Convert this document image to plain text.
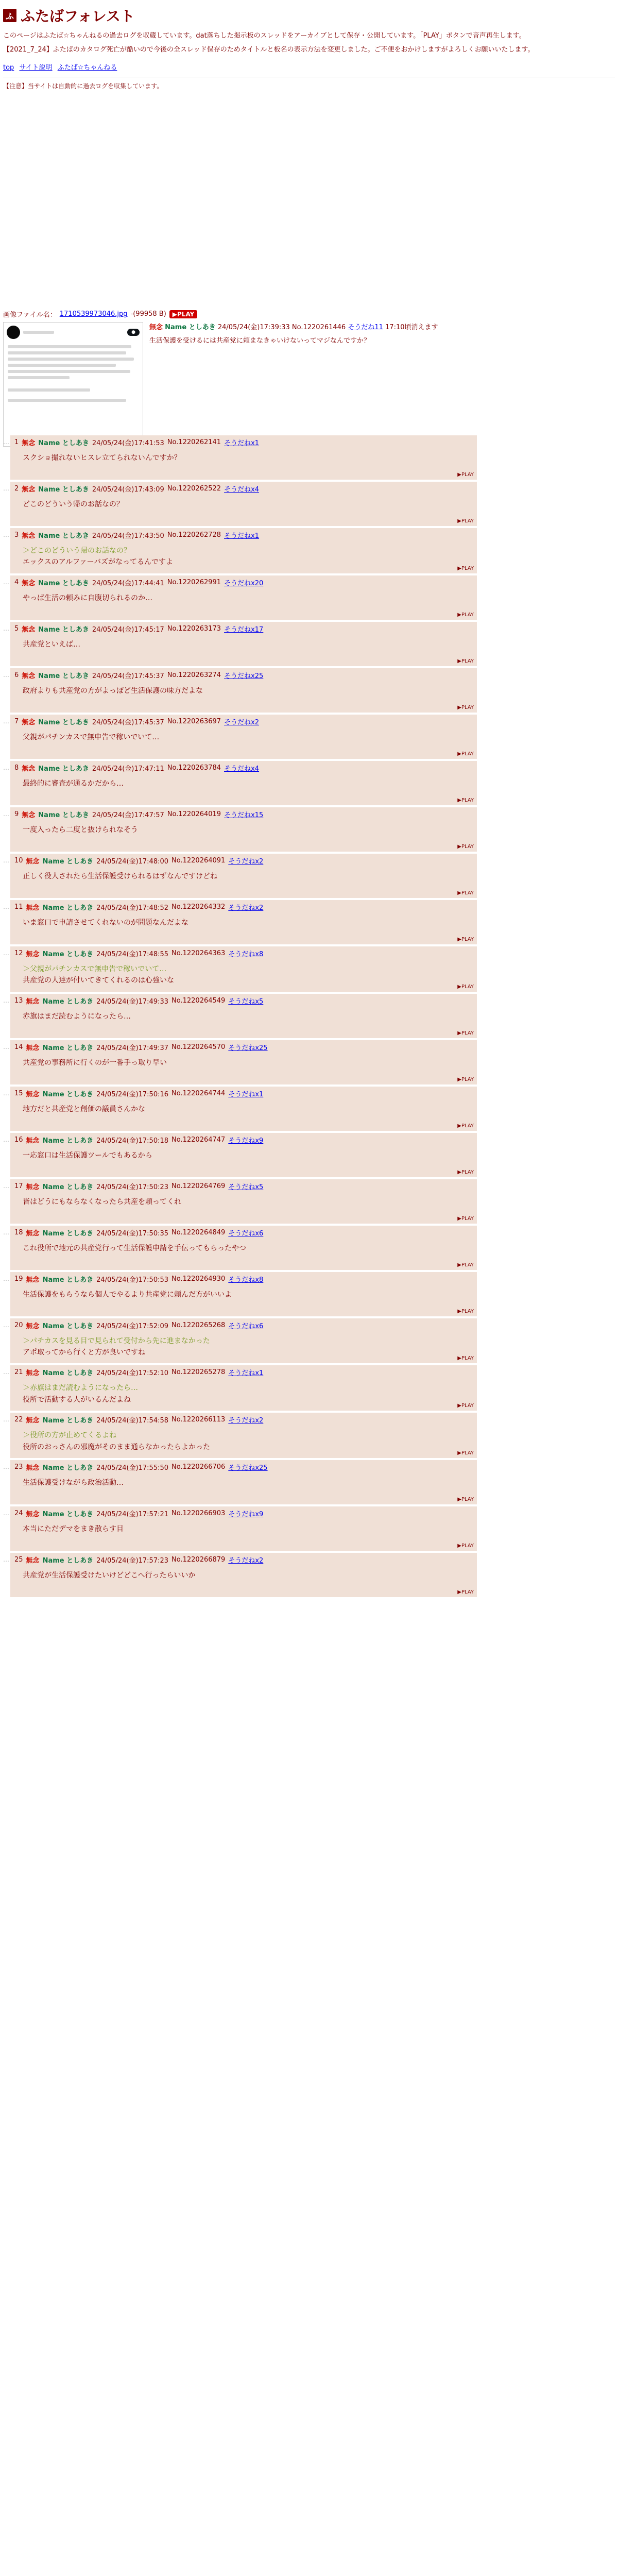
ふ ふたばフォレスト

このページはふたば☆ちゃんねるの過去ログを収蔵しています。dat落ちした掲示板のスレッドをアーカイブとして保存・公開しています。「PLAY」ボタンで音声再生します。

【2021_7_24】ふたばのカタログ死亡が酷いので今後の全スレッド保存のためタイトルと板名の表示方法を変更しました。ご不便をおかけしますがよろしくお願いいたします。

top サイト説明 ふたば☆ちゃんねる
【注意】当サイトは自動的に過去ログを収集しています。
画像ファイル名： 1710539973046.jpg -(99958 B)	▶PLAY
●
無念 Name としあき 24/05/24(金)17:39:33 No.1220261446 そうだね11 17:10頃消えます
生活保護を受けるには共産党に頼まなきゃいけないってマジなんですか？
… 1 無念 Name としあき 24/05/24(金)17:41:53 No.1220262141 そうだねx1
スクショ撮れないヒスレ立てられないんですか？
▶PLAY
… 2 無念 Name としあき 24/05/24(金)17:43:09 No.1220262522 そうだねx4
どこのどういう帰のお話なの？
▶PLAY
… 3 無念 Name としあき 24/05/24(金)17:43:50 No.1220262728 そうだねx1
＞どこのどういう帰のお話なの？
エックスのアルファーバズがなってるんですよ
▶PLAY
… 4 無念 Name としあき 24/05/24(金)17:44:41 No.1220262991 そうだねx20
やっぱ生活の頼みに自腹切られるのか…
▶PLAY
… 5 無念 Name としあき 24/05/24(金)17:45:17 No.1220263173 そうだねx17
共産党といえば…
▶PLAY
… 6 無念 Name としあき 24/05/24(金)17:45:37 No.1220263274 そうだねx25
政府よりも共産党の方がよっぽど生活保護の味方だよな
▶PLAY
… 7 無念 Name としあき 24/05/24(金)17:45:37 No.1220263697 そうだねx2
父親がパチンカスで無申告で稼いでいて…
▶PLAY
… 8 無念 Name としあき 24/05/24(金)17:47:11 No.1220263784 そうだねx4
最終的に審査が通るかだから…
▶PLAY
… 9 無念 Name としあき 24/05/24(金)17:47:57 No.1220264019 そうだねx15
一度入ったら二度と抜けられなそう
▶PLAY
… 10 無念 Name としあき 24/05/24(金)17:48:00 No.1220264091 そうだねx2
正しく役人されたら生活保護受けられるはずなんですけどね
▶PLAY
… 11 無念 Name としあき 24/05/24(金)17:48:52 No.1220264332 そうだねx2
いま窓口で申請させてくれないのが問題なんだよな
▶PLAY
… 12 無念 Name としあき 24/05/24(金)17:48:55 No.1220264363 そうだねx8
＞父親がパチンカスで無申告で稼いでいて…
共産党の人達が付いてきてくれるのは心強いな
▶PLAY
… 13 無念 Name としあき 24/05/24(金)17:49:33 No.1220264549 そうだねx5
赤旗はまだ読むようになったら…
▶PLAY
… 14 無念 Name としあき 24/05/24(金)17:49:37 No.1220264570 そうだねx25
共産党の事務所に行くのが一番手っ取り早い
▶PLAY
… 15 無念 Name としあき 24/05/24(金)17:50:16 No.1220264744 そうだねx1
地方だと共産党と創価の議員さんかな
▶PLAY
… 16 無念 Name としあき 24/05/24(金)17:50:18 No.1220264747 そうだねx9
一応窓口は生活保護ツールでもあるから
▶PLAY
… 17 無念 Name としあき 24/05/24(金)17:50:23 No.1220264769 そうだねx5
皆はどうにもならなくなったら共産を頼ってくれ
▶PLAY
… 18 無念 Name としあき 24/05/24(金)17:50:35 No.1220264849 そうだねx6
これ役所で地元の共産党行って生活保護申請を手伝ってもらったやつ
▶PLAY
… 19 無念 Name としあき 24/05/24(金)17:50:53 No.1220264930 そうだねx8
生活保護をもらうなら個人でやるより共産党に頼んだ方がいいよ
▶PLAY
… 20 無念 Name としあき 24/05/24(金)17:52:09 No.1220265268 そうだねx6
＞パチカスを見る目で見られて受付から先に進まなかった
アポ取ってから行くと方が良いですね
▶PLAY
… 21 無念 Name としあき 24/05/24(金)17:52:10 No.1220265278 そうだねx1
＞赤旗はまだ読むようになったら…
役所で活動する人がいるんだよね
▶PLAY
… 22 無念 Name としあき 24/05/24(金)17:54:58 No.1220266113 そうだねx2
＞役所の方が止めてくるよね
役所のおっさんの邪魔がそのまま通らなかったらよかった
▶PLAY
… 23 無念 Name としあき 24/05/24(金)17:55:50 No.1220266706 そうだねx25
生活保護受けながら政治活動…
▶PLAY
… 24 無念 Name としあき 24/05/24(金)17:57:21 No.1220266903 そうだねx9
本当にただデマをまき散らす目
▶PLAY
… 25 無念 Name としあき 24/05/24(金)17:57:23 No.1220266879 そうだねx2
共産党が生活保護受けたいけどどこへ行ったらいいか
▶PLAY
